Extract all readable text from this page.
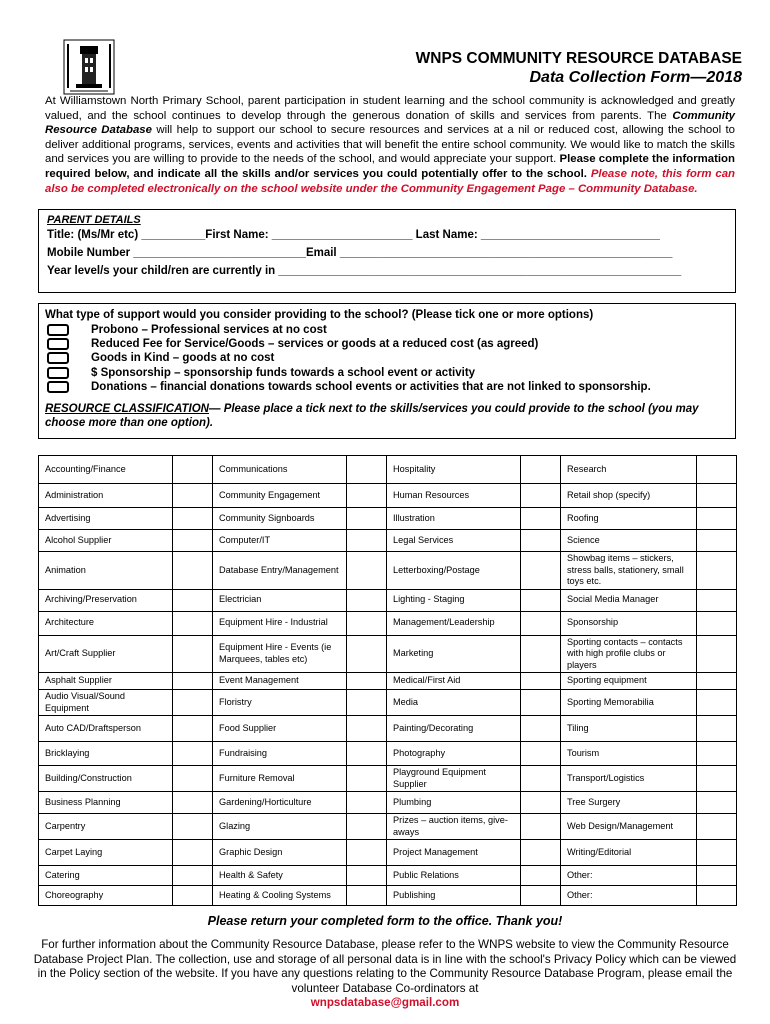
WNPS COMMUNITY RESOURCE DATABASE
Data Collection Form—2018
At Williamstown North Primary School, parent participation in student learning and the school community is acknowledged and greatly valued, and the school continues to develop through the generous donation of skills and services from parents. The Community Resource Database will help to support our school to secure resources and services at a nil or reduced cost, allowing the school to deliver additional programs, services, events and activities that will benefit the entire school community. We would like to match the skills and services you are willing to provide to the needs of the school, and would appreciate your support. Please complete the information required below, and indicate all the skills and/or services you could potentially offer to the school. Please note, this form can also be completed electronically on the school website under the Community Engagement Page – Community Database.
PARENT DETAILS
Title: (Ms/Mr etc) __________First Name: ______________________ Last Name: ____________________________
Mobile Number ___________________________Email ____________________________________________________
Year level/s your child/ren are currently in _______________________________________________________________
What type of support would you consider providing to the school? (Please tick one or more options)
Probono – Professional services at no cost
Reduced Fee for Service/Goods – services or goods at a reduced cost (as agreed)
Goods in Kind – goods at no cost
$ Sponsorship – sponsorship funds towards a school event or activity
Donations – financial donations towards school events or activities that are not linked to sponsorship.
RESOURCE CLASSIFICATION— Please place a tick next to the skills/services you could provide to the school (you may choose more than one option).
Accounting/Finance		Communications		Hospitality		Research	
Administration		Community Engagement		Human Resources		Retail shop (specify)	
Advertising		Community Signboards		Illustration		Roofing	
Alcohol Supplier		Computer/IT		Legal Services		Science	
Animation		Database Entry/Management		Letterboxing/Postage		Showbag items – stickers, stress balls, stationery, small toys etc.	
Archiving/Preservation		Electrician		Lighting - Staging		Social Media Manager	
Architecture		Equipment Hire - Industrial		Management/Leadership		Sponsorship	
Art/Craft Supplier		Equipment Hire - Events (ie Marquees, tables etc)		Marketing		Sporting contacts – contacts with high profile clubs or players	
Asphalt Supplier		Event Management		Medical/First Aid		Sporting equipment	
Audio Visual/Sound Equipment		Floristry		Media		Sporting Memorabilia	
Auto CAD/Draftsperson		Food Supplier		Painting/Decorating		Tiling	
Bricklaying		Fundraising		Photography		Tourism	
Building/Construction		Furniture Removal		Playground Equipment Supplier		Transport/Logistics	
Business Planning		Gardening/Horticulture		Plumbing		Tree Surgery	
Carpentry		Glazing		Prizes – auction items, give-aways		Web Design/Management	
Carpet Laying		Graphic Design		Project Management		Writing/Editorial	
Catering		Health & Safety		Public Relations		Other:	
Choreography		Heating & Cooling Systems		Publishing		Other:	
Please return your completed form to the office. Thank you!
For further information about the Community Resource Database, please refer to the WNPS website to view the Community Resource Database Project Plan. The collection, use and storage of all personal data is in line with the school's Privacy Policy which can be viewed in the Policy section of the website. If you have any questions relating to the Community Resource Database Program, please email the volunteer Database Co-ordinators at
wnpsdatabase@gmail.com
